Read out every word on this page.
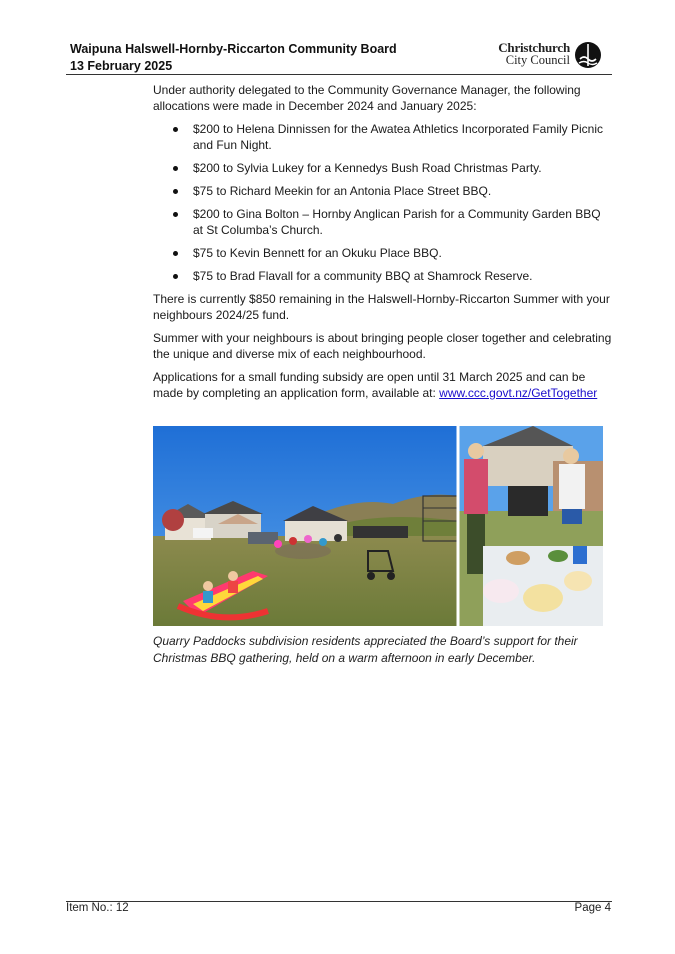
Waipuna Halswell-Hornby-Riccarton Community Board
13 February 2025
Christchurch
City Council

Under authority delegated to the Community Governance Manager, the following allocations were made in December 2024 and January 2025:

$200 to Helena Dinnissen for the Awatea Athletics Incorporated Family Picnic and Fun Night.
$200 to Sylvia Lukey for a Kennedys Bush Road Christmas Party.
$75 to Richard Meekin for an Antonia Place Street BBQ.
$200 to Gina Bolton – Hornby Anglican Parish for a Community Garden BBQ at St Columba’s Church.
$75 to Kevin Bennett for an Okuku Place BBQ.
$75 to Brad Flavall for a community BBQ at Shamrock Reserve.

There is currently $850 remaining in the Halswell-Hornby-Riccarton Summer with your neighbours 2024/25 fund.

Summer with your neighbours is about bringing people closer together and celebrating the unique and diverse mix of each neighbourhood.

Applications for a small funding subsidy are open until 31 March 2025 and can be made by completing an application form, available at: www.ccc.govt.nz/GetTogether

Quarry Paddocks subdivision residents appreciated the Board’s support for their Christmas BBQ gathering, held on a warm afternoon in early December.
Item No.: 12	Page 4
